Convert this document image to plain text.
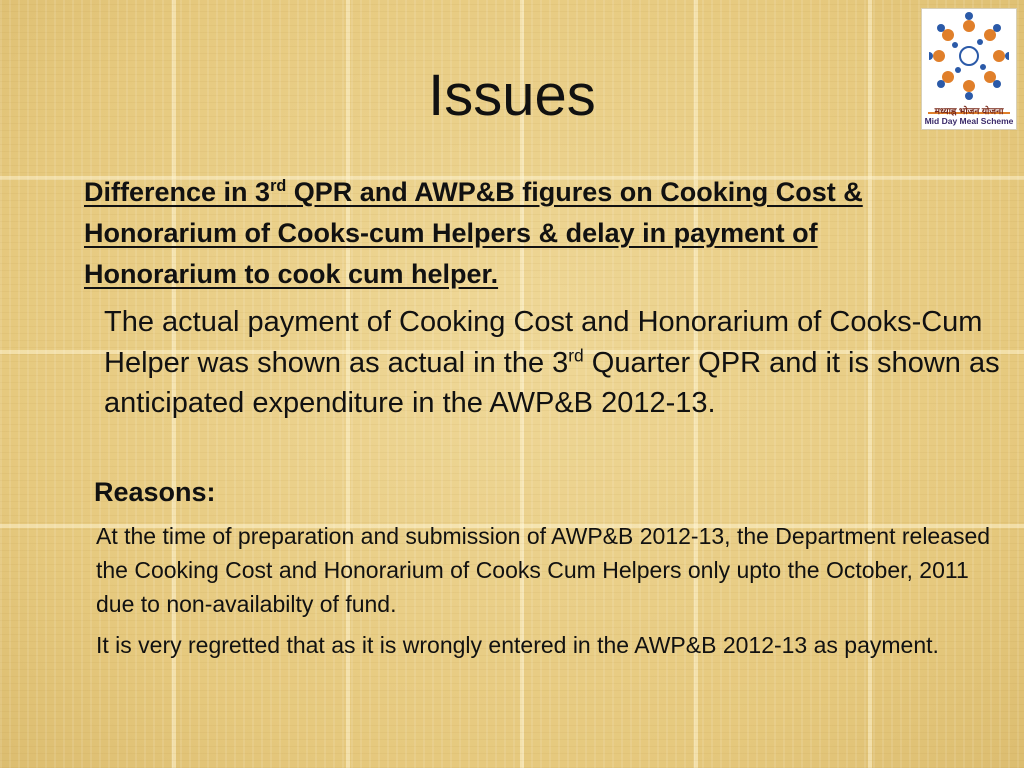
Issues	मध्याह्न भोजन योजना
Mid Day Meal Scheme
Difference in 3rd QPR and AWP&B figures on Cooking Cost & Honorarium of Cooks-cum Helpers & delay in payment of Honorarium to cook cum helper.
The actual payment of Cooking Cost and Honorarium of Cooks-Cum Helper was shown as actual in the 3rd Quarter QPR and it is shown as anticipated expenditure in the AWP&B 2012-13.
Reasons:
At the time of preparation and submission of AWP&B 2012-13, the Department released the Cooking Cost and Honorarium of Cooks Cum Helpers only upto the October, 2011 due to non-availabilty of fund.
It is very regretted that as it is wrongly entered in the AWP&B 2012-13 as payment.
